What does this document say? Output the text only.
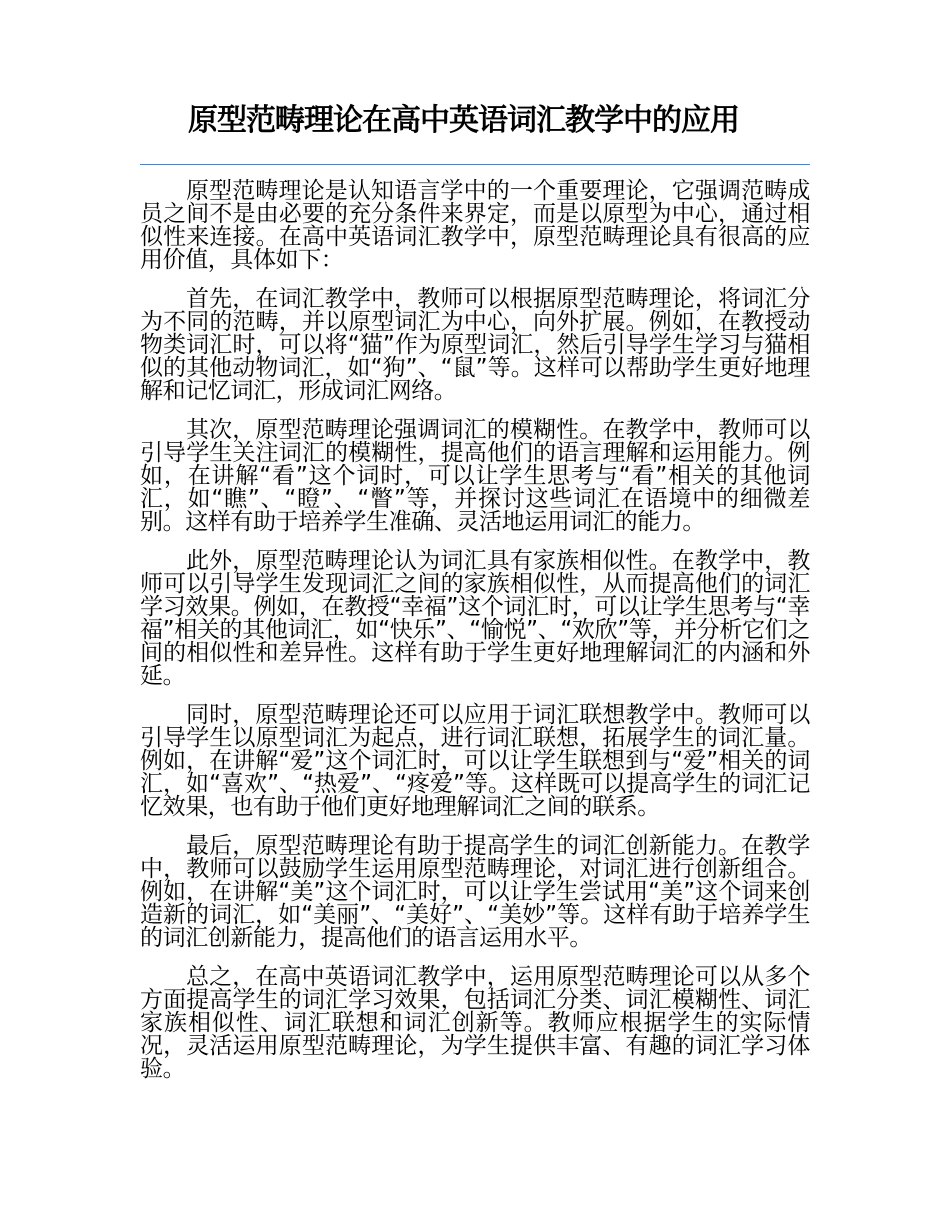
原型范畴理论在高中英语词汇教学中的应用

原型范畴理论是认知语言学中的一个重要理论，它强调范畴成员之间不是由必要的充分条件来界定，而是以原型为中心，通过相似性来连接。在高中英语词汇教学中，原型范畴理论具有很高的应用价值，具体如下：

首先，在词汇教学中，教师可以根据原型范畴理论，将词汇分为不同的范畴，并以原型词汇为中心，向外扩展。例如，在教授动物类词汇时，可以将“猫”作为原型词汇，然后引导学生学习与猫相似的其他动物词汇，如“狗”、“鼠”等。这样可以帮助学生更好地理解和记忆词汇，形成词汇网络。

其次，原型范畴理论强调词汇的模糊性。在教学中，教师可以引导学生关注词汇的模糊性，提高他们的语言理解和运用能力。例如，在讲解“看”这个词时，可以让学生思考与“看”相关的其他词汇，如“瞧”、“瞪”、“瞥”等，并探讨这些词汇在语境中的细微差别。这样有助于培养学生准确、灵活地运用词汇的能力。

此外，原型范畴理论认为词汇具有家族相似性。在教学中，教师可以引导学生发现词汇之间的家族相似性，从而提高他们的词汇学习效果。例如，在教授“幸福”这个词汇时，可以让学生思考与“幸福”相关的其他词汇，如“快乐”、“愉悦”、“欢欣”等，并分析它们之间的相似性和差异性。这样有助于学生更好地理解词汇的内涵和外延。

同时，原型范畴理论还可以应用于词汇联想教学中。教师可以引导学生以原型词汇为起点，进行词汇联想，拓展学生的词汇量。例如，在讲解“爱”这个词汇时，可以让学生联想到与“爱”相关的词汇，如“喜欢”、“热爱”、“疼爱”等。这样既可以提高学生的词汇记忆效果，也有助于他们更好地理解词汇之间的联系。

最后，原型范畴理论有助于提高学生的词汇创新能力。在教学中，教师可以鼓励学生运用原型范畴理论，对词汇进行创新组合。例如，在讲解“美”这个词汇时，可以让学生尝试用“美”这个词来创造新的词汇，如“美丽”、“美好”、“美妙”等。这样有助于培养学生的词汇创新能力，提高他们的语言运用水平。

总之，在高中英语词汇教学中，运用原型范畴理论可以从多个方面提高学生的词汇学习效果，包括词汇分类、词汇模糊性、词汇家族相似性、词汇联想和词汇创新等。教师应根据学生的实际情况，灵活运用原型范畴理论，为学生提供丰富、有趣的词汇学习体验。
